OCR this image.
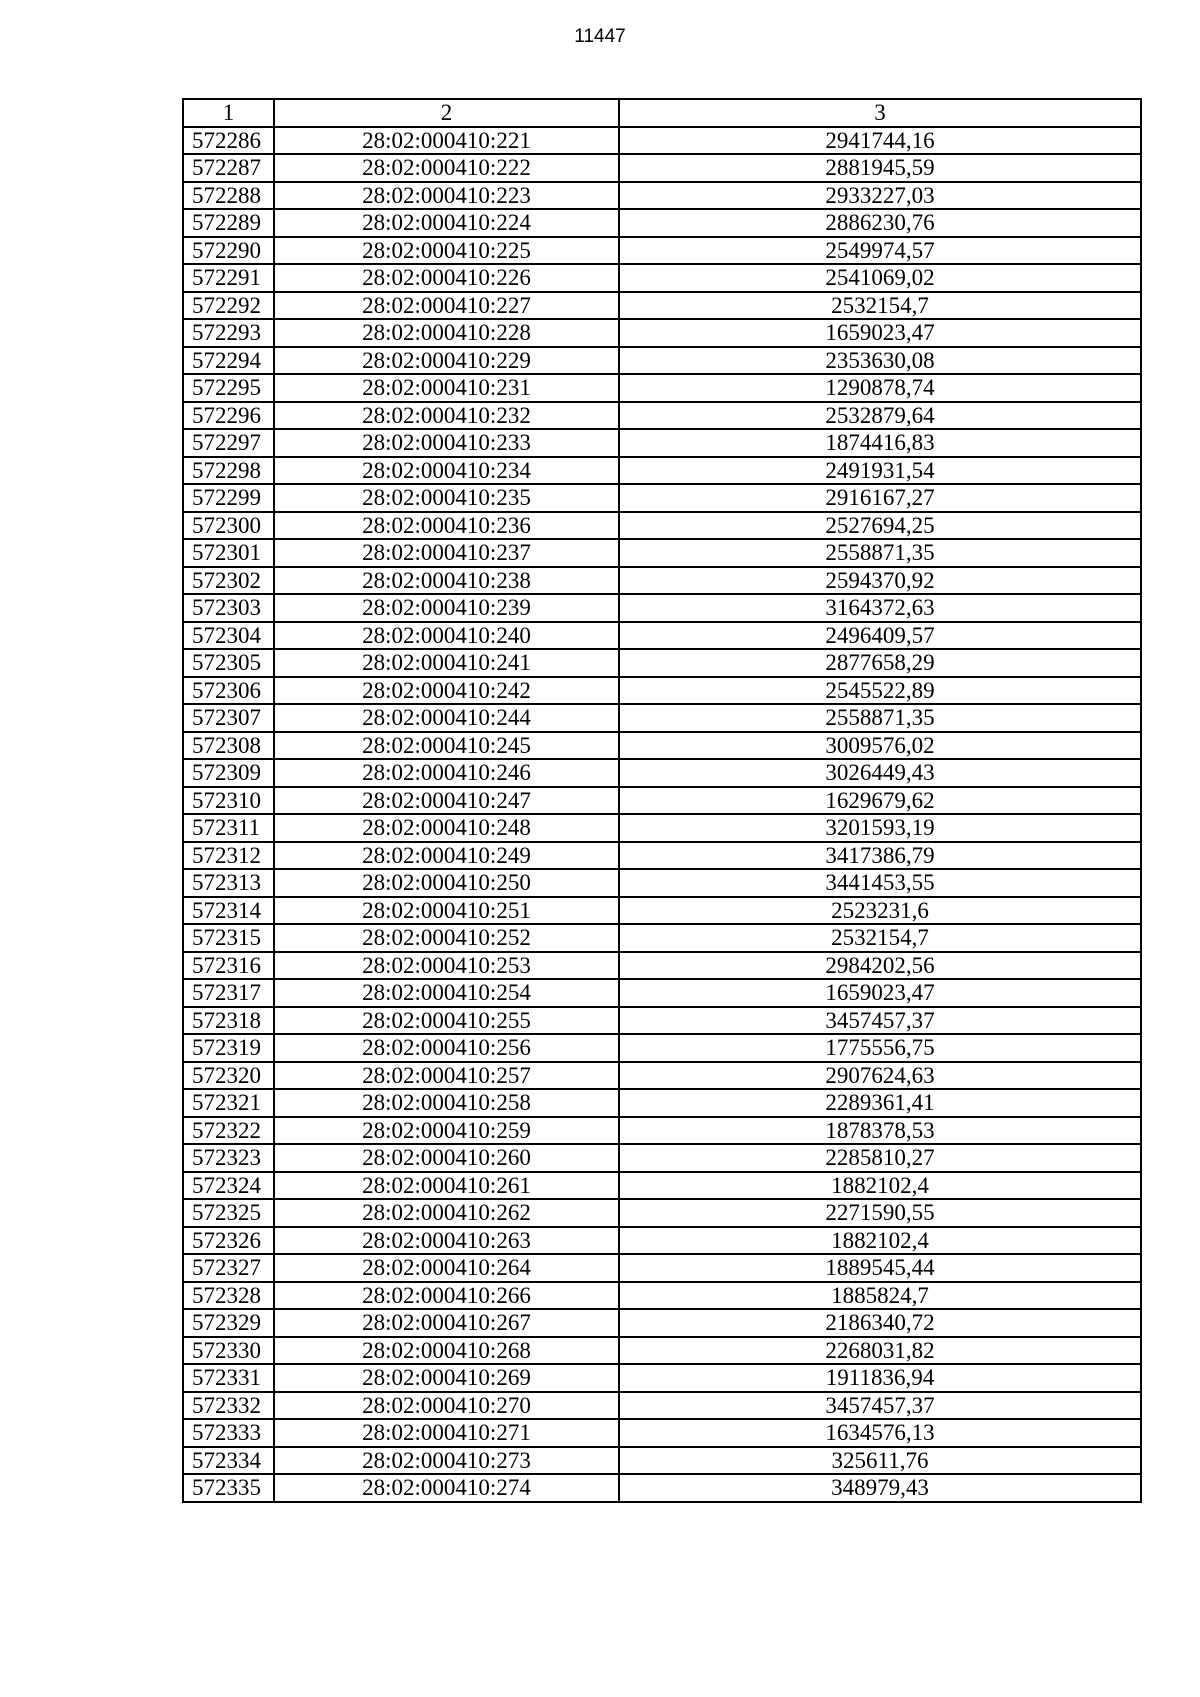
11447
1	2	3
572286	28:02:000410:221	2941744,16
572287	28:02:000410:222	2881945,59
572288	28:02:000410:223	2933227,03
572289	28:02:000410:224	2886230,76
572290	28:02:000410:225	2549974,57
572291	28:02:000410:226	2541069,02
572292	28:02:000410:227	2532154,7
572293	28:02:000410:228	1659023,47
572294	28:02:000410:229	2353630,08
572295	28:02:000410:231	1290878,74
572296	28:02:000410:232	2532879,64
572297	28:02:000410:233	1874416,83
572298	28:02:000410:234	2491931,54
572299	28:02:000410:235	2916167,27
572300	28:02:000410:236	2527694,25
572301	28:02:000410:237	2558871,35
572302	28:02:000410:238	2594370,92
572303	28:02:000410:239	3164372,63
572304	28:02:000410:240	2496409,57
572305	28:02:000410:241	2877658,29
572306	28:02:000410:242	2545522,89
572307	28:02:000410:244	2558871,35
572308	28:02:000410:245	3009576,02
572309	28:02:000410:246	3026449,43
572310	28:02:000410:247	1629679,62
572311	28:02:000410:248	3201593,19
572312	28:02:000410:249	3417386,79
572313	28:02:000410:250	3441453,55
572314	28:02:000410:251	2523231,6
572315	28:02:000410:252	2532154,7
572316	28:02:000410:253	2984202,56
572317	28:02:000410:254	1659023,47
572318	28:02:000410:255	3457457,37
572319	28:02:000410:256	1775556,75
572320	28:02:000410:257	2907624,63
572321	28:02:000410:258	2289361,41
572322	28:02:000410:259	1878378,53
572323	28:02:000410:260	2285810,27
572324	28:02:000410:261	1882102,4
572325	28:02:000410:262	2271590,55
572326	28:02:000410:263	1882102,4
572327	28:02:000410:264	1889545,44
572328	28:02:000410:266	1885824,7
572329	28:02:000410:267	2186340,72
572330	28:02:000410:268	2268031,82
572331	28:02:000410:269	1911836,94
572332	28:02:000410:270	3457457,37
572333	28:02:000410:271	1634576,13
572334	28:02:000410:273	325611,76
572335	28:02:000410:274	348979,43
